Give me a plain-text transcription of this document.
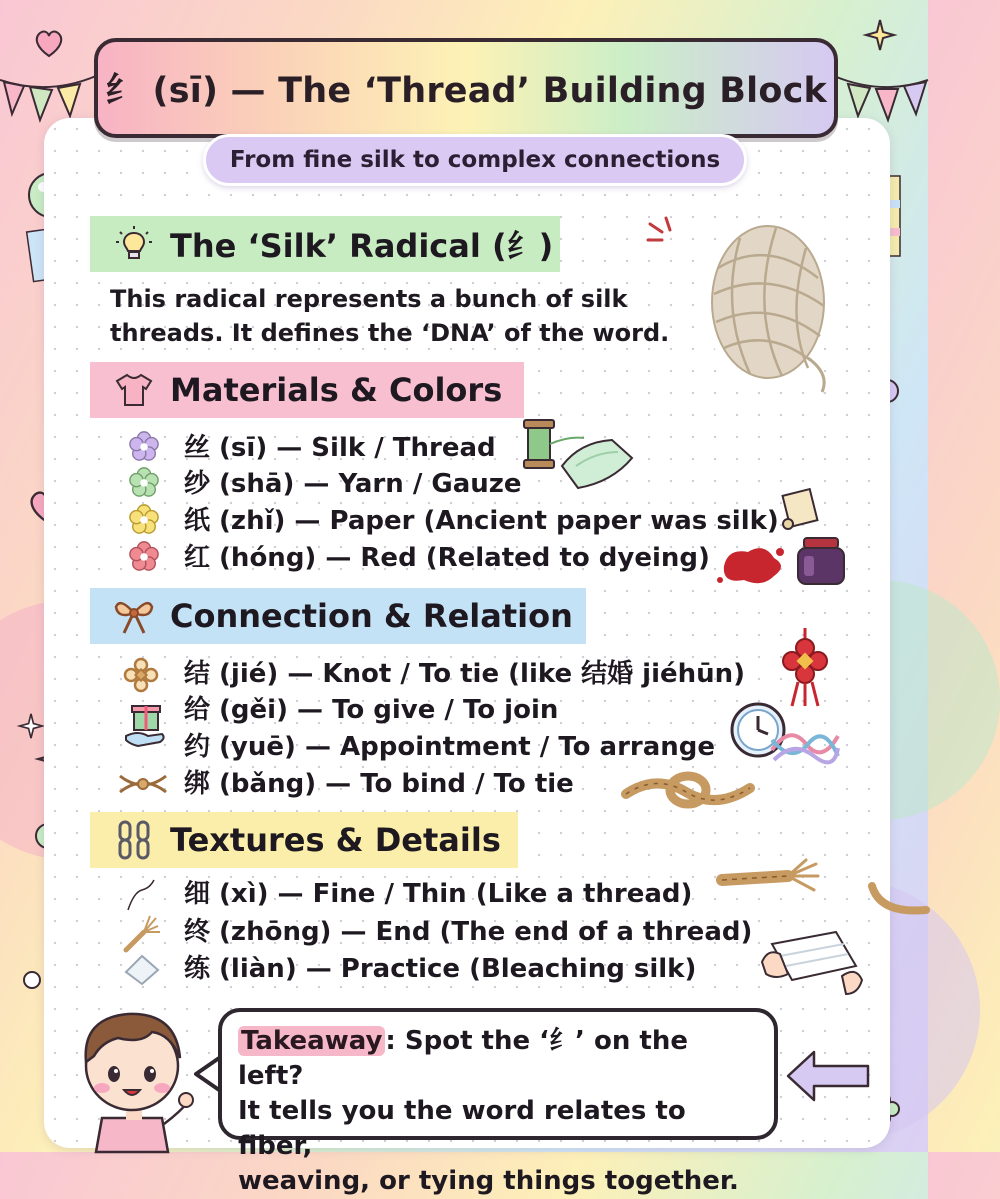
纟 (sī) — The ‘Thread’ Building Block
From fine silk to complex connections
The ‘Silk’ Radical (纟)
This radical represents a bunch of silk
threads. It defines the ‘DNA’ of the word.
Materials & Colors
丝 (sī) — Silk / Thread
纱 (shā) — Yarn / Gauze
纸 (zhǐ) — Paper (Ancient paper was silk)
红 (hóng) — Red (Related to dyeing)
Connection & Relation
结 (jié) — Knot / To tie (like 结婚 jiéhūn)
给 (gěi) — To give / To join
约 (yuē) — Appointment / To arrange
绑 (bǎng) — To bind / To tie
Textures & Details
细 (xì) — Fine / Thin (Like a thread)
终 (zhōng) — End (The end of a thread)
练 (liàn) — Practice (Bleaching silk)
Takeaway : Spot the ‘纟’ on the left?
It tells you the word relates to fiber,
weaving, or tying things together.
